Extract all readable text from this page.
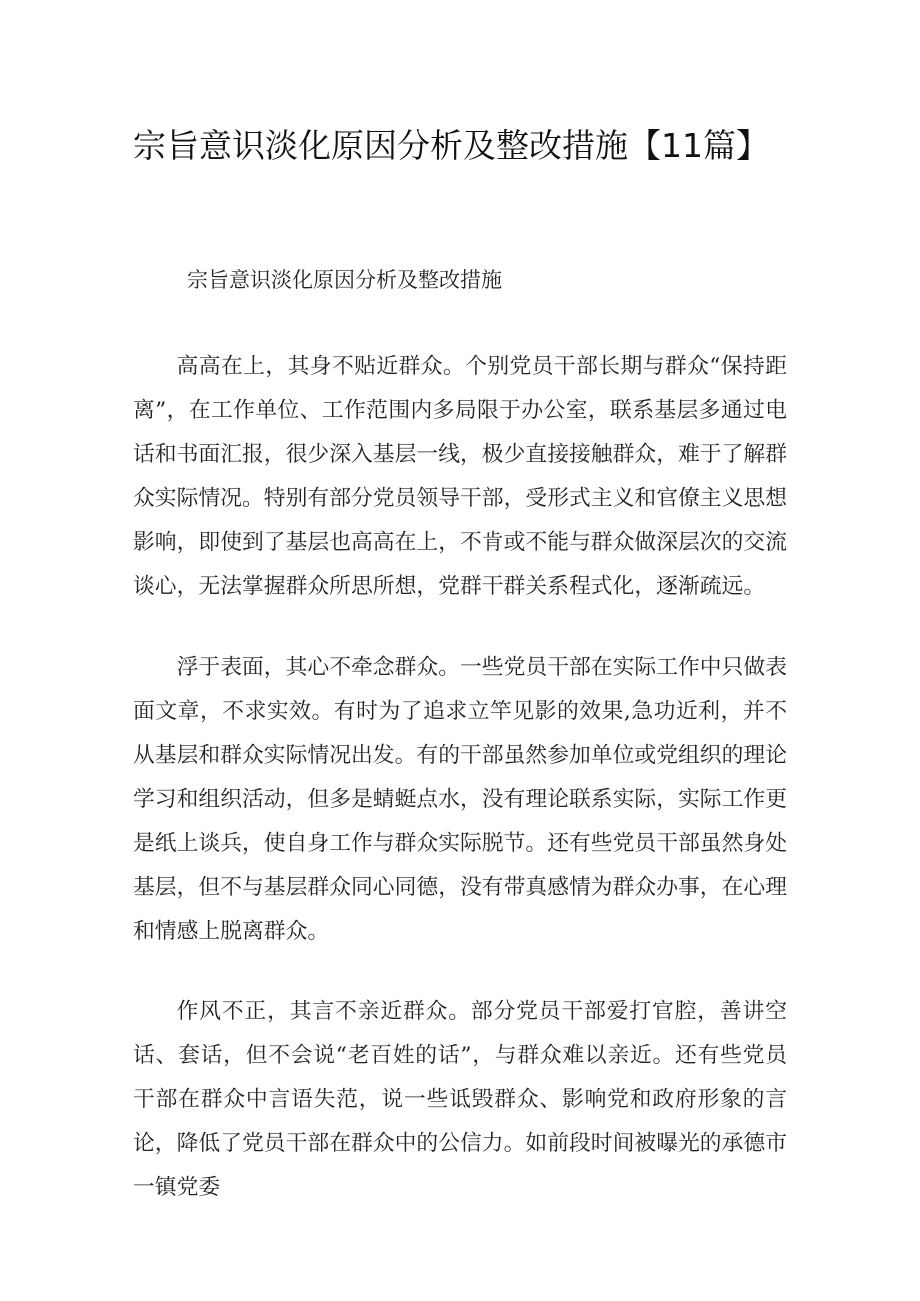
宗旨意识淡化原因分析及整改措施【11篇】

宗旨意识淡化原因分析及整改措施

高高在上，其身不贴近群众。个别党员干部长期与群众“保持距离”，在工作单位、工作范围内多局限于办公室，联系基层多通过电话和书面汇报，很少深入基层一线，极少直接接触群众，难于了解群众实际情况。特别有部分党员领导干部，受形式主义和官僚主义思想影响，即使到了基层也高高在上，不肯或不能与群众做深层次的交流谈心，无法掌握群众所思所想，党群干群关系程式化，逐渐疏远。

浮于表面，其心不牵念群众。一些党员干部在实际工作中只做表面文章，不求实效。有时为了追求立竿见影的效果,急功近利，并不从基层和群众实际情况出发。有的干部虽然参加单位或党组织的理论学习和组织活动，但多是蜻蜓点水，没有理论联系实际，实际工作更是纸上谈兵，使自身工作与群众实际脱节。还有些党员干部虽然身处基层，但不与基层群众同心同德，没有带真感情为群众办事，在心理和情感上脱离群众。

作风不正，其言不亲近群众。部分党员干部爱打官腔，善讲空话、套话，但不会说“老百姓的话”，与群众难以亲近。还有些党员干部在群众中言语失范，说一些诋毁群众、影响党和政府形象的言论，降低了党员干部在群众中的公信力。如前段时间被曝光的承德市一镇党委
